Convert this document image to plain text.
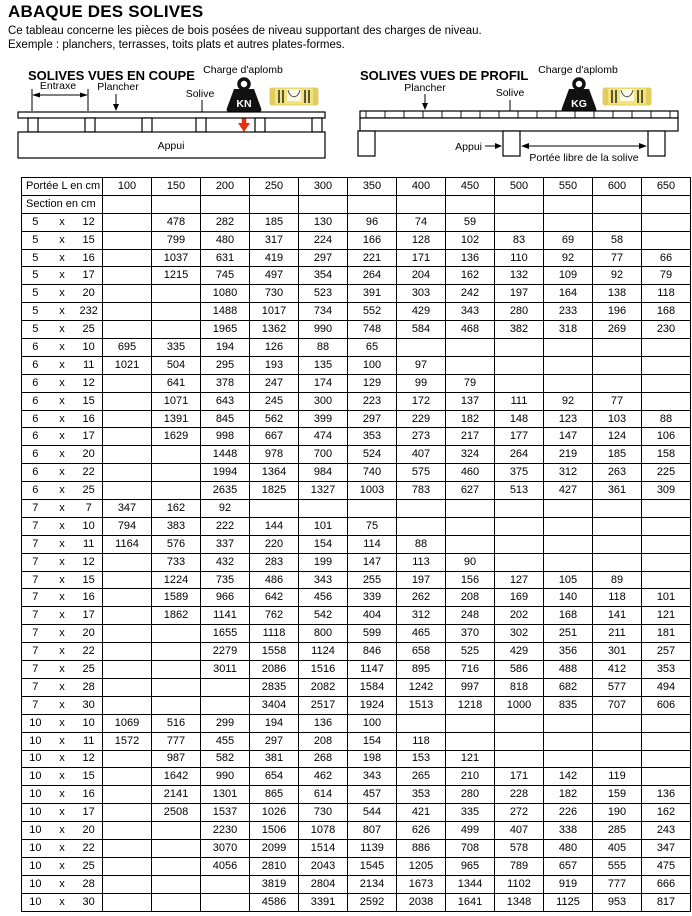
ABAQUE DES SOLIVES

Ce tableau concerne les pièces de bois posées de niveau supportant des charges de niveau.

Exemple : planchers, terrasses, toits plats et autres plates-formes.

SOLIVES VUES EN COUPE Charge d'aplomb
Entraxe Plancher
Solive
KN
Appui
SOLIVES VUES DE PROFIL Charge d'aplomb
Plancher	Solive
KG
Appui
Portée libre de la solive
Portée L en cm	100	150	200	250	300	350	400	450	500	550	600	650
Section en cm												

5 x 12		478	282	185	130	96	74	59				

5 x 15		799	480	317	224	166	128	102	83	69	58	

5 x 16		1037	631	419	297	221	171	136	110	92	77	66

5 x 17		1215	745	497	354	264	204	162	132	109	92	79

5 x 20			1080	730	523	391	303	242	197	164	138	118

5 x 232			1488	1017	734	552	429	343	280	233	196	168

5 x 25			1965	1362	990	748	584	468	382	318	269	230

6 x 10	695	335	194	126	88	65						

6 x 11	1021	504	295	193	135	100	97					

6 x 12		641	378	247	174	129	99	79				

6 x 15		1071	643	245	300	223	172	137	111	92	77	

6 x 16		1391	845	562	399	297	229	182	148	123	103	88

6 x 17		1629	998	667	474	353	273	217	177	147	124	106

6 x 20			1448	978	700	524	407	324	264	219	185	158

6 x 22			1994	1364	984	740	575	460	375	312	263	225

6 x 25			2635	1825	1327	1003	783	627	513	427	361	309

7 x 7	347	162	92									

7 x 10	794	383	222	144	101	75						

7 x 11	1164	576	337	220	154	114	88					

7 x 12		733	432	283	199	147	113	90				

7 x 15		1224	735	486	343	255	197	156	127	105	89	

7 x 16		1589	966	642	456	339	262	208	169	140	118	101

7 x 17		1862	1141	762	542	404	312	248	202	168	141	121

7 x 20			1655	1118	800	599	465	370	302	251	211	181

7 x 22			2279	1558	1124	846	658	525	429	356	301	257

7 x 25			3011	2086	1516	1147	895	716	586	488	412	353

7 x 28				2835	2082	1584	1242	997	818	682	577	494

7 x 30				3404	2517	1924	1513	1218	1000	835	707	606

10 x 10	1069	516	299	194	136	100						

10 x 11	1572	777	455	297	208	154	118					

10 x 12		987	582	381	268	198	153	121				

10 x 15		1642	990	654	462	343	265	210	171	142	119	

10 x 16		2141	1301	865	614	457	353	280	228	182	159	136

10 x 17		2508	1537	1026	730	544	421	335	272	226	190	162

10 x 20			2230	1506	1078	807	626	499	407	338	285	243

10 x 22			3070	2099	1514	1139	886	708	578	480	405	347

10 x 25			4056	2810	2043	1545	1205	965	789	657	555	475

10 x 28				3819	2804	2134	1673	1344	1102	919	777	666

10 x 30				4586	3391	2592	2038	1641	1348	1125	953	817
